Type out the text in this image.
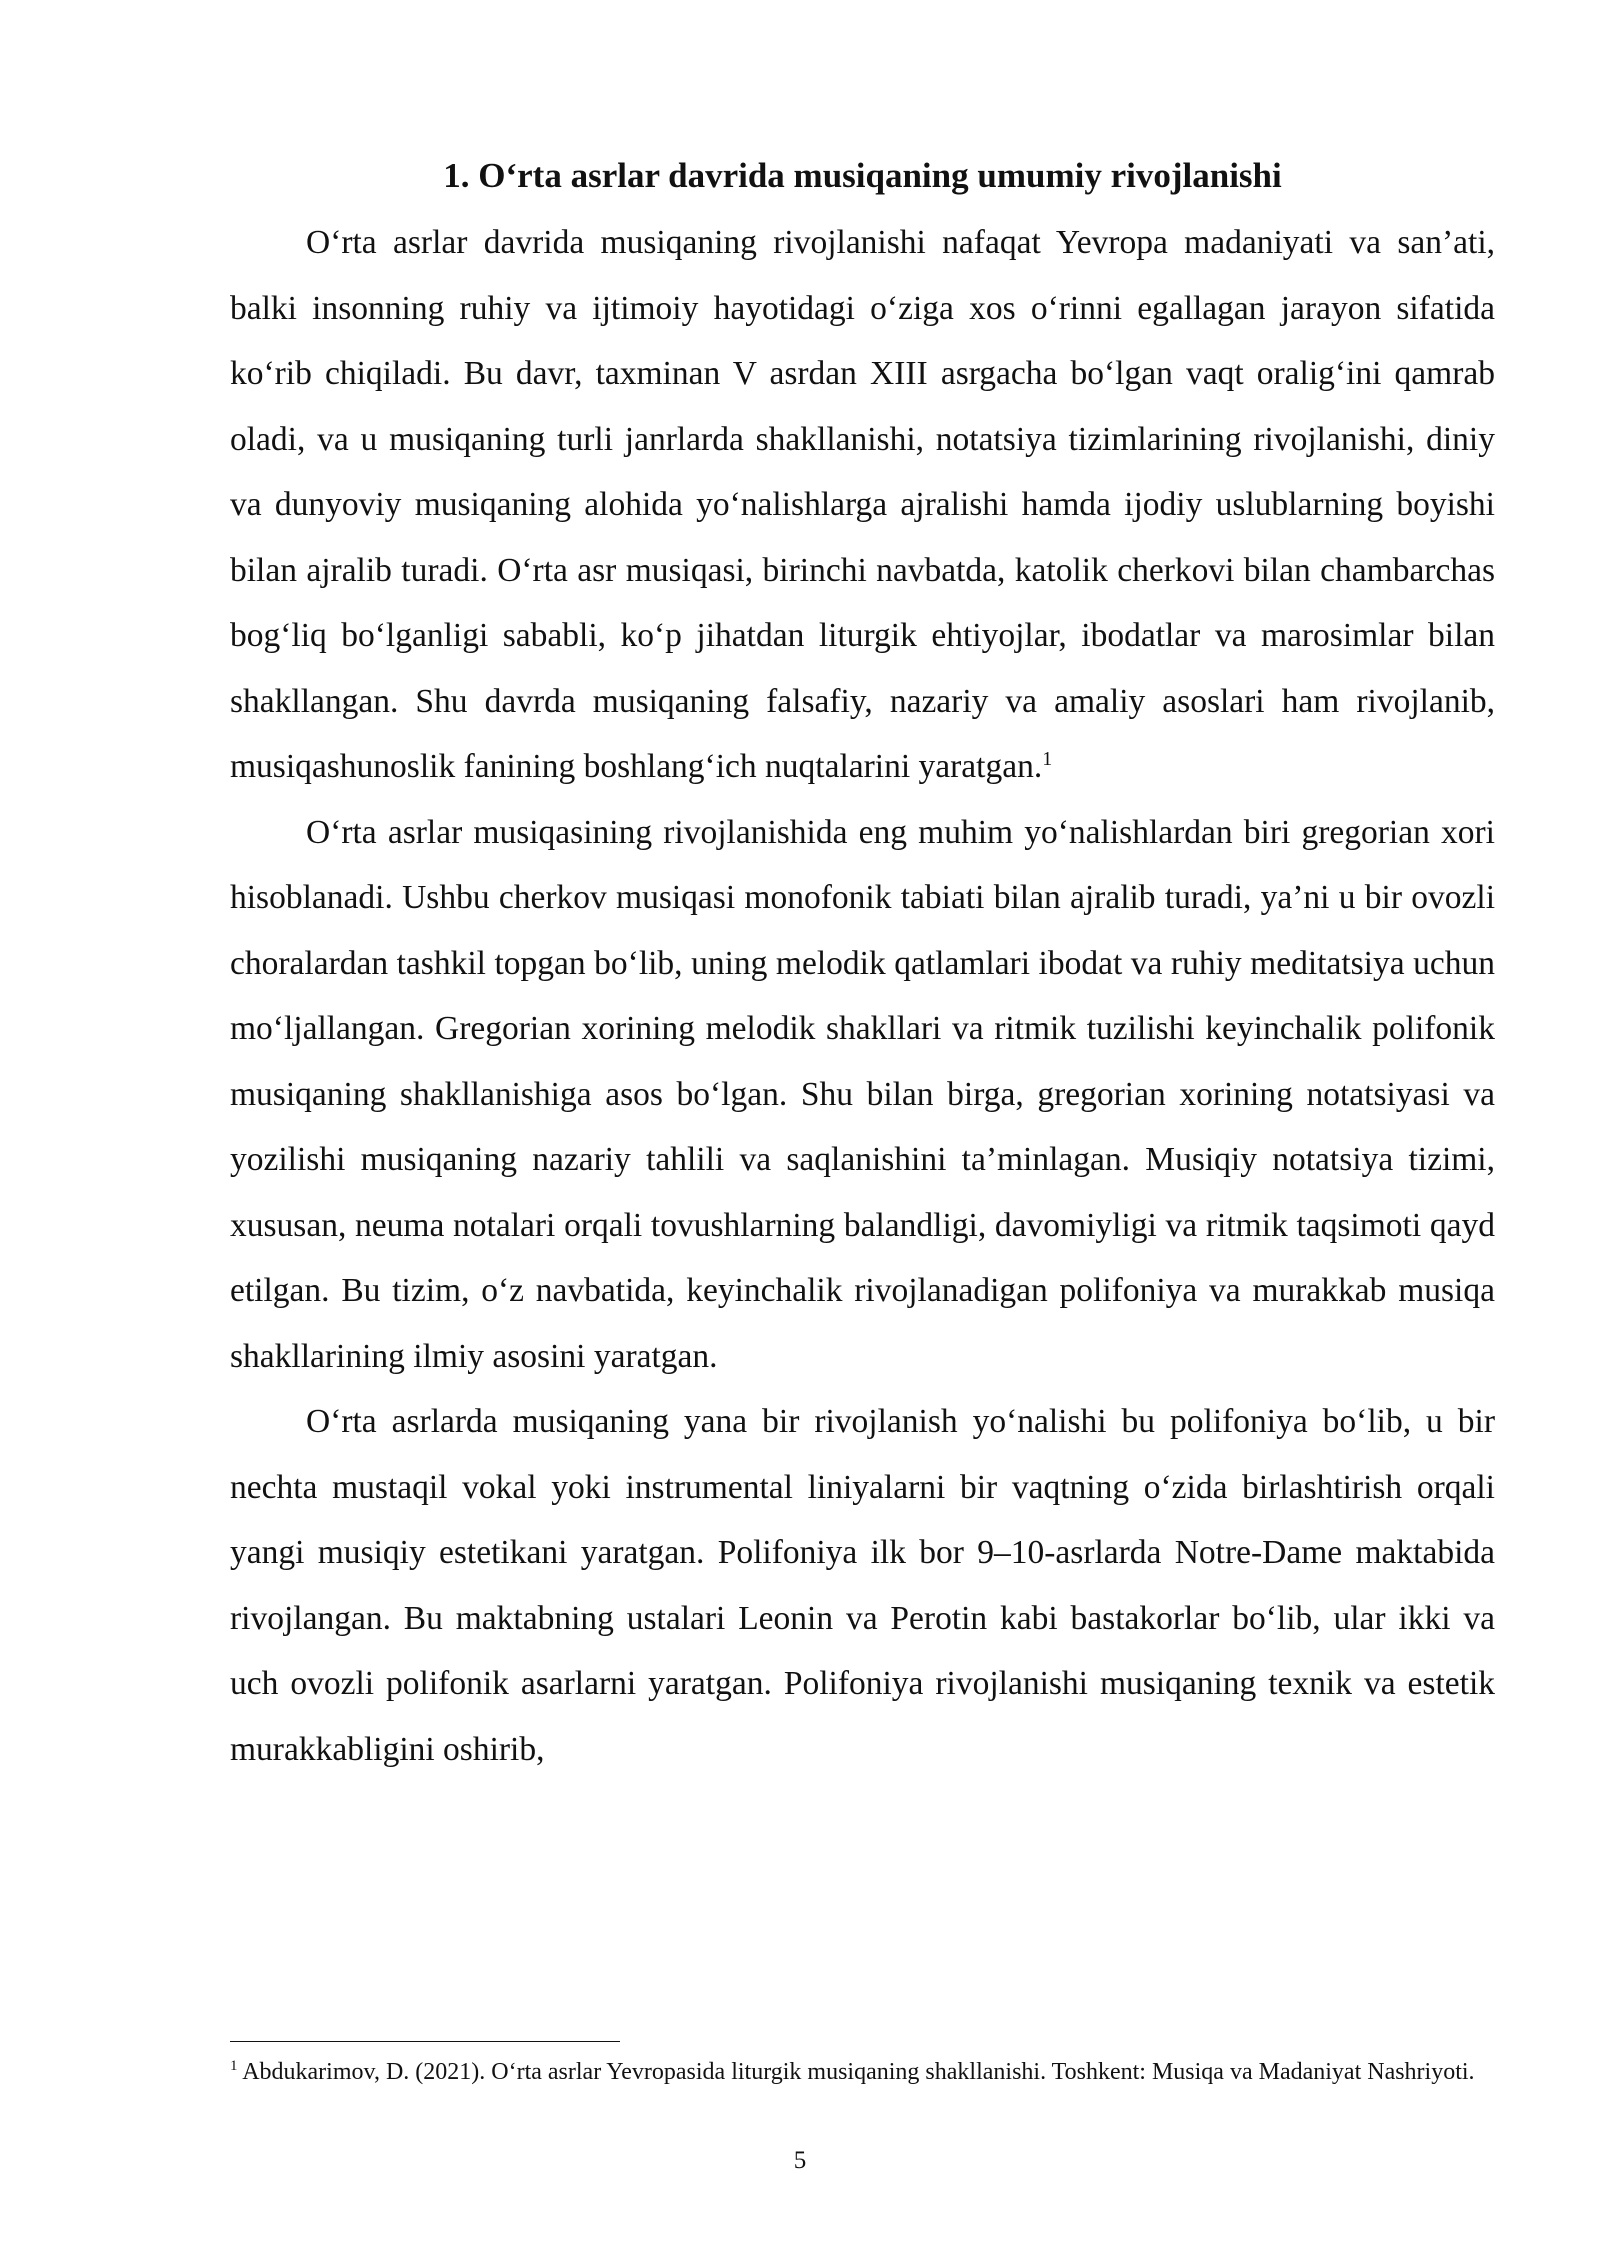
1. O‘rta asrlar davrida musiqaning umumiy rivojlanishi

O‘rta asrlar davrida musiqaning rivojlanishi nafaqat Yevropa madaniyati va san’ati, balki insonning ruhiy va ijtimoiy hayotidagi o‘ziga xos o‘rinni egallagan jarayon sifatida ko‘rib chiqiladi. Bu davr, taxminan V asrdan XIII asrgacha bo‘lgan vaqt oralig‘ini qamrab oladi, va u musiqaning turli janrlarda shakllanishi, notatsiya tizimlarining rivojlanishi, diniy va dunyoviy musiqaning alohida yo‘nalishlarga ajralishi hamda ijodiy uslublarning boyishi bilan ajralib turadi. O‘rta asr musiqasi, birinchi navbatda, katolik cherkovi bilan chambarchas bog‘liq bo‘lganligi sababli, ko‘p jihatdan liturgik ehtiyojlar, ibodatlar va marosimlar bilan shakllangan. Shu davrda musiqaning falsafiy, nazariy va amaliy asoslari ham rivojlanib, musiqashunoslik fanining boshlang‘ich nuqtalarini yaratgan.$^1$

O‘rta asrlar musiqasining rivojlanishida eng muhim yo‘nalishlardan biri gregorian xori hisoblanadi. Ushbu cherkov musiqasi monofonik tabiati bilan ajralib turadi, ya’ni u bir ovozli choralardan tashkil topgan bo‘lib, uning melodik qatlamlari ibodat va ruhiy meditatsiya uchun mo‘ljallangan. Gregorian xorining melodik shakllari va ritmik tuzilishi keyinchalik polifonik musiqaning shakllanishiga asos bo‘lgan. Shu bilan birga, gregorian xorining notatsiyasi va yozilishi musiqaning nazariy tahlili va saqlanishini ta’minlagan. Musiqiy notatsiya tizimi, xususan, neuma notalari orqali tovushlarning balandligi, davomiyligi va ritmik taqsimoti qayd etilgan. Bu tizim, o‘z navbatida, keyinchalik rivojlanadigan polifoniya va murakkab musiqa shakllarining ilmiy asosini yaratgan.

O‘rta asrlarda musiqaning yana bir rivojlanish yo‘nalishi bu polifoniya bo‘lib, u bir nechta mustaqil vokal yoki instrumental liniyalarni bir vaqtning o‘zida birlashtirish orqali yangi musiqiy estetikani yaratgan. Polifoniya ilk bor 9–10-asrlarda Notre-Dame maktabida rivojlangan. Bu maktabning ustalari Leonin va Perotin kabi bastakorlar bo‘lib, ular ikki va uch ovozli polifonik asarlarni yaratgan. Polifoniya rivojlanishi musiqaning texnik va estetik murakkabligini oshirib,

$^1$ Abdukarimov, D. (2021). O‘rta asrlar Yevropasida liturgik musiqaning shakllanishi. Toshkent: Musiqa va Madaniyat Nashriyoti.

5
